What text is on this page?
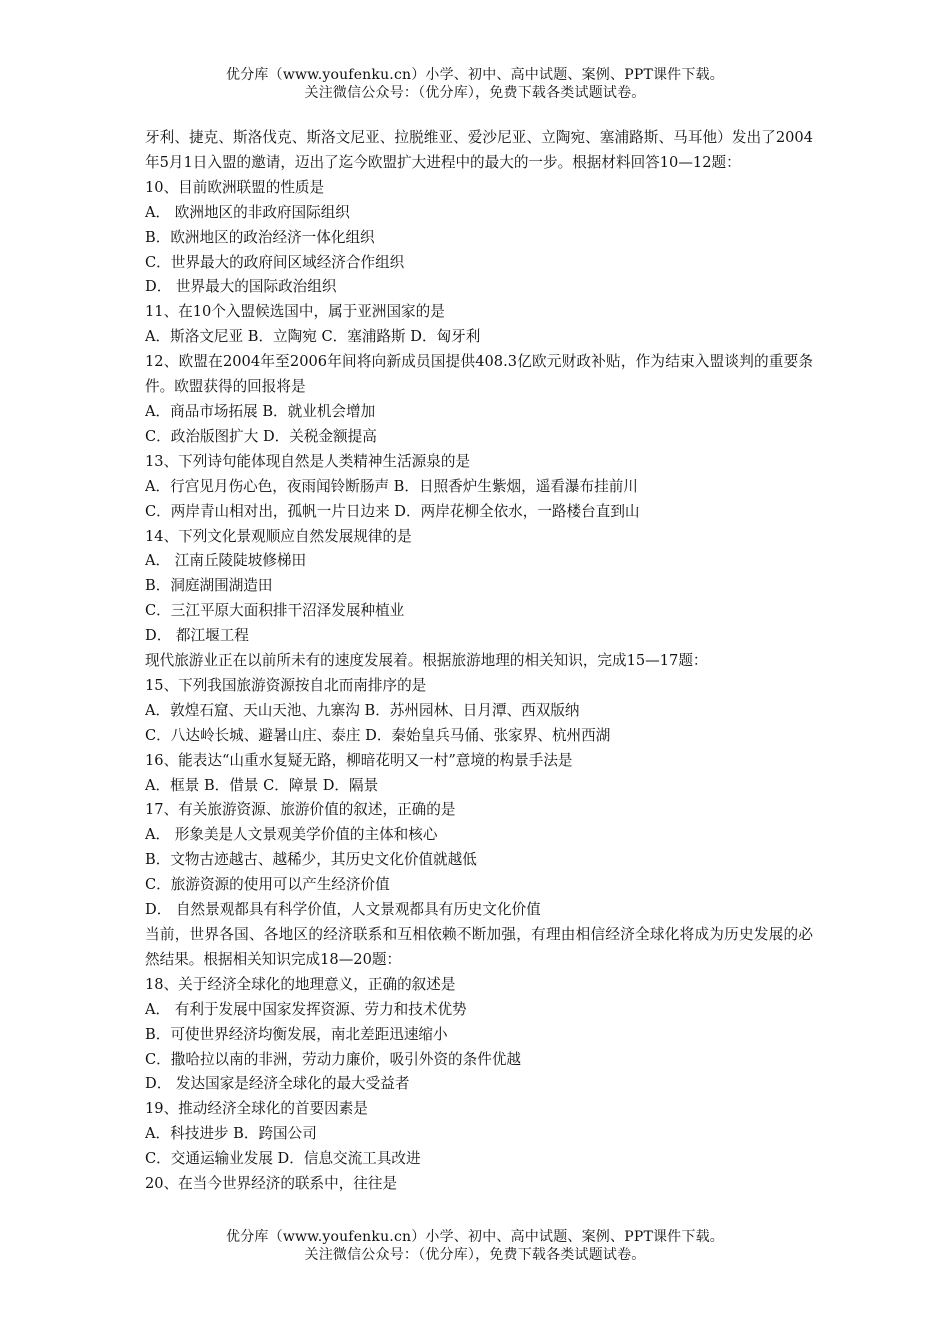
优分库（www.youfenku.cn）小学、初中、高中试题、案例、PPT课件下载。
关注微信公众号：（优分库），免费下载各类试题试卷。

牙利、捷克、斯洛伐克、斯洛文尼亚、拉脱维亚、爱沙尼亚、立陶宛、塞浦路斯、马耳他）发出了2004年5月1日入盟的邀请，迈出了迄今欧盟扩大进程中的最大的一步。根据材料回答10—12题：

10、目前欧洲联盟的性质是

A． 欧洲地区的非政府国际组织

B．欧洲地区的政治经济一体化组织

C．世界最大的政府间区域经济合作组织

D． 世界最大的国际政治组织

11、在10个入盟候选国中，属于亚洲国家的是

A．斯洛文尼亚 B．立陶宛 C．塞浦路斯 D．匈牙利

12、欧盟在2004年至2006年间将向新成员国提供408.3亿欧元财政补贴，作为结束入盟谈判的重要条件。欧盟获得的回报将是

A．商品市场拓展 B．就业机会增加

C．政治版图扩大 D．关税金额提高

13、下列诗句能体现自然是人类精神生活源泉的是

A．行宫见月伤心色，夜雨闻铃断肠声 B．日照香炉生紫烟，遥看瀑布挂前川

C．两岸青山相对出，孤帆一片日边来 D．两岸花柳全依水，一路楼台直到山

14、下列文化景观顺应自然发展规律的是

A． 江南丘陵陡坡修梯田

B．洞庭湖围湖造田

C．三江平原大面积排干沼泽发展种植业

D． 都江堰工程

现代旅游业正在以前所未有的速度发展着。根据旅游地理的相关知识，完成15—17题：

15、下列我国旅游资源按自北而南排序的是

A．敦煌石窟、天山天池、九寨沟 B．苏州园林、日月潭、西双版纳

C．八达岭长城、避暑山庄、泰庄 D．秦始皇兵马俑、张家界、杭州西湖

16、能表达“山重水复疑无路，柳暗花明又一村”意境的构景手法是

A．框景 B．借景 C．障景 D．隔景

17、有关旅游资源、旅游价值的叙述，正确的是

A． 形象美是人文景观美学价值的主体和核心

B．文物古迹越古、越稀少，其历史文化价值就越低

C．旅游资源的使用可以产生经济价值

D． 自然景观都具有科学价值，人文景观都具有历史文化价值

当前，世界各国、各地区的经济联系和互相依赖不断加强，有理由相信经济全球化将成为历史发展的必然结果。根据相关知识完成18—20题：

18、关于经济全球化的地理意义，正确的叙述是

A． 有利于发展中国家发挥资源、劳力和技术优势

B．可使世界经济均衡发展，南北差距迅速缩小

C．撒哈拉以南的非洲，劳动力廉价，吸引外资的条件优越

D． 发达国家是经济全球化的最大受益者

19、推动经济全球化的首要因素是

A．科技进步 B．跨国公司

C．交通运输业发展 D．信息交流工具改进

20、在当今世界经济的联系中，往往是

优分库（www.youfenku.cn）小学、初中、高中试题、案例、PPT课件下载。
关注微信公众号：（优分库），免费下载各类试题试卷。
